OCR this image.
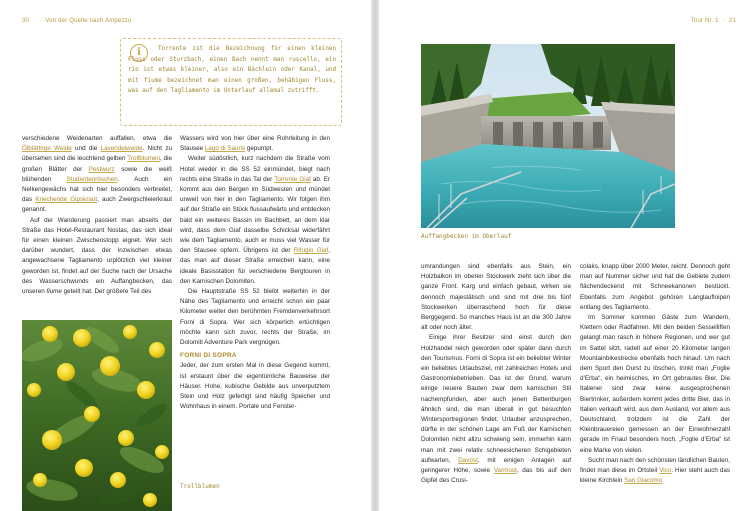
30 · Von der Quelle nach Ampezzo
i	Torrente ist die Bezeichnung für einen kleinen Fluss oder Sturzbach, einen Bach nennt man ruscello, ein rio ist etwas kleiner, also ein Bächlein oder Kanal, und mit fiume bezeichnet man einen großen, behäbigen Fluss, was auf den Tagliamento im Unterlauf allemal zutrifft.

verschiedene Weidenarten auffallen, etwa die Ölblättrige Weide und die Lavendelweide. Nicht zu übersehen sind die leuchtend gelben Trollblumen, die großen Blätter der Pestwurz sowie die weiß blühenden Studentenröschen. Auch ein Nelkengewächs hat sich hier besonders verbreitet, das Kriechende Gipskraut, auch Zwergschleierkraut genannt.

Auf der Wanderung passiert man abseits der Straße das Hotel-Restaurant Nostas, das sich ideal für einen kleinen Zwischenstopp eignet. Wer sich darüber wundert, dass der inzwischen etwas angewachsene Tagliamento urplötzlich viel kleiner geworden ist, findet auf der Suche nach der Ursache des Wasserschwunds ein Auffangbecken, das unseren fiume geteilt hat. Der größere Teil des

Trollblumen

Wassers wird von hier über eine Rohrleitung in den Stausee Lago di Sauris gepumpt.

Weiter südöstlich, kurz nachdem die Straße vom Hotel wieder in die SS 52 einmündet, biegt nach rechts eine Straße in das Tal der Torrente Giaf ab. Er kommt aus den Bergen im Südwesten und mündet unweit von hier in den Tagliamento. Wir folgen ihm auf der Straße ein Stück flussaufwärts und entdecken bald ein weiteres Bassin im Bachbett, an dem klar wird, dass dem Giaf dasselbe Schicksal widerfährt wie dem Tagliamento, auch er muss viel Wasser für den Stausee opfern. Übrigens ist der Rifugio Giaf, das man auf dieser Straße erreichen kann, eine ideale Basisstation für verschiedene Bergtouren in den Karnischen Dolomiten.

Die Hauptstraße SS 52 bleibt weiterhin in der Nähe des Tagliamento und erreicht schon ein paar Kilometer weiter den berühmten Fremdenverkehrsort Forni di Sopra. Wer sich körperlich ertüchtigen möchte kann sich zuvor, rechts der Straße, im Dolomiti Adventure Park vergnügen.

FORNI DI SOPRA

Jeder, der zum ersten Mal in diese Gegend kommt, ist erstaunt über die eigentümliche Bauweise der Häuser. Hohe, kubische Gebilde aus unverputztem Stein und Holz gefertigt sind häufig Speicher und Wohnhaus in einem. Portale und Fenster-

Tour Nr. 1 · 21
Auffangbecken im Oberlauf

umrandungen sind ebenfalls aus Stein, ein Holzbalkon im oberen Stockwerk zieht sich über die ganze Front. Karg und einfach gebaut, wirken sie dennoch majestätisch und sind mit drei bis fünf Stockwerken überraschend hoch für diese Berggegend. So manches Haus ist an die 300 Jahre alt oder noch älter.

Einige ihrer Besitzer sind einst durch den Holzhandel reich geworden oder später dann durch den Tourismus. Forni di Sopra ist ein beliebter Winter ein beliebtes Urlaubsziel, mit zahlreichen Hotels und Gastronomiebetrieben. Das ist der Grund, warum einige neuere Bauten zwar dem karnischen Stil nachempfunden, aber auch jenen Bettenburgen ähnlich sind, die man überall in gut besuchten Wintersportregionen findet. Urlauber anzusprechen, dürfte in der schönen Lage am Fuß der Karnischen Dolomiten nicht allzu schwierig sein, immerhin kann man mit zwei relativ schneesicheren Schigebieten aufwarten, Davost, mit einigen Anlagen auf geringerer Höhe, sowie Varmost, das bis auf den Gipfel des Crusi-

colaks, knapp über 2000 Meter, reicht. Dennoch geht man auf Nummer sicher und hat die Gebiete zudem flächendeckend mit Schneekanonen bestückt. Ebenfalls zum Angebot gehören Langlaufloipen entlang des Tagliamento.

Im Sommer kommen Gäste zum Wandern, Klettern oder Radfahren. Mit den beiden Sesselliften gelangt man rasch in höhere Regionen, und wer gut im Sattel sitzt, radelt auf einer 20 Kilometer langen Mountainbikestrecke ebenfalls hoch hinauf. Um nach dem Sport den Durst zu löschen, trinkt man „Foglie d’Erba“, ein heimisches, im Ort gebrautes Bier. Die Italiener sind zwar keine ausgesprochenen Biertrinker, außerdem kommt jedes dritte Bier, das in Italien verkauft wird, aus dem Ausland, vor allem aus Deutschland, trotzdem ist die Zahl der Kleinbrauereien gemessen an der Einwohnerzahl gerade im Friaul besonders hoch. „Foglie d’Erba“ ist eine Marke von vielen.

Sucht man nach den schönsten ländlichen Bauten, findet man diese im Ortsteil Vico. Hier steht auch das kleine Kirchlein San Giacomo
